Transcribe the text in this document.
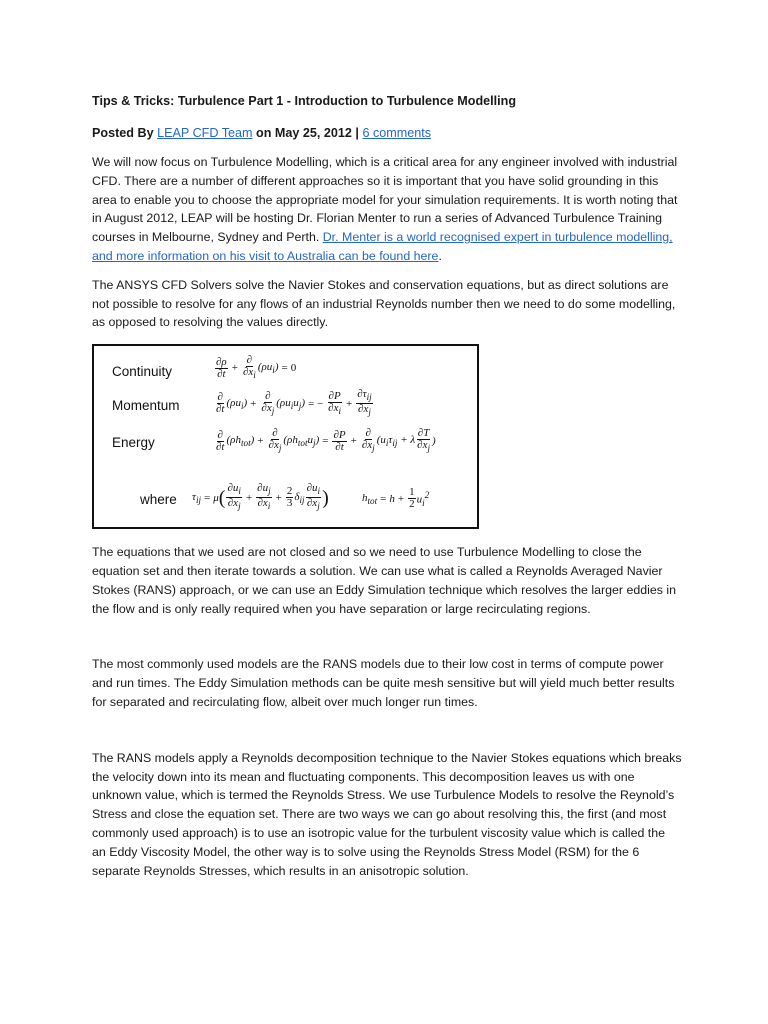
Tips & Tricks: Turbulence Part 1 - Introduction to Turbulence Modelling

Posted By LEAP CFD Team on May 25, 2012 | 6 comments

We will now focus on Turbulence Modelling, which is a critical area for any engineer involved with industrial CFD. There are a number of different approaches so it is important that you have solid grounding in this area to enable you to choose the appropriate model for your simulation requirements. It is worth noting that in August 2012, LEAP will be hosting Dr. Florian Menter to run a series of Advanced Turbulence Training courses in Melbourne, Sydney and Perth. Dr. Menter is a world recognised expert in turbulence modelling, and more information on his visit to Australia can be found here.

The ANSYS CFD Solvers solve the Navier Stokes and conservation equations, but as direct solutions are not possible to resolve for any flows of an industrial Reynolds number then we need to do some modelling, as opposed to resolving the values directly.

Continuity
Momentum
Energy
where
$\frac{\partial\rho}{\partial t} + \frac{\partial}{\partial x_i} (\rho u_i) = 0$
$\frac{\partial}{\partial t} (\rho u_i) + \frac{\partial}{\partial x_j} (\rho u_iu_j)$ = − $\frac{\partial P}{\partial x_i} + \frac{\partial\tau_{ij}}{\partial x_j}$
$\frac{\partial}{\partial t} (\rho h_{tot}) + \frac{\partial}{\partial x_j} (\rho h_{tot}u_j) = \frac{\partial P}{\partial t} + \frac{\partial}{\partial x_j} (u_i\tau_{ij} + \lambda \frac{\partial T}{\partial x_j}$ )
$\tau_{ij} = \mu$ ( $\frac{\partial u_i}{\partial x_j} + \frac{\partial u_j}{\partial x_i} + \frac{2}{3} \delta_{ij} \frac{\partial u_i}{\partial x_j}$ )	$h_{tot} = h + \frac{1}{2} u_i^2$

The equations that we used are not closed and so we need to use Turbulence Modelling to close the equation set and then iterate towards a solution. We can use what is called a Reynolds Averaged Navier Stokes (RANS) approach, or we can use an Eddy Simulation technique which resolves the larger eddies in the flow and is only really required when you have separation or large recirculating regions.

The most commonly used models are the RANS models due to their low cost in terms of compute power and run times. The Eddy Simulation methods can be quite mesh sensitive but will yield much better results for separated and recirculating flow, albeit over much longer run times.

The RANS models apply a Reynolds decomposition technique to the Navier Stokes equations which breaks the velocity down into its mean and fluctuating components. This decomposition leaves us with one unknown value, which is termed the Reynolds Stress. We use Turbulence Models to resolve the Reynold’s Stress and close the equation set. There are two ways we can go about resolving this, the first (and most commonly used approach) is to use an isotropic value for the turbulent viscosity value which is called the an Eddy Viscosity Model, the other way is to solve using the Reynolds Stress Model (RSM) for the 6 separate Reynolds Stresses, which results in an anisotropic solution.
